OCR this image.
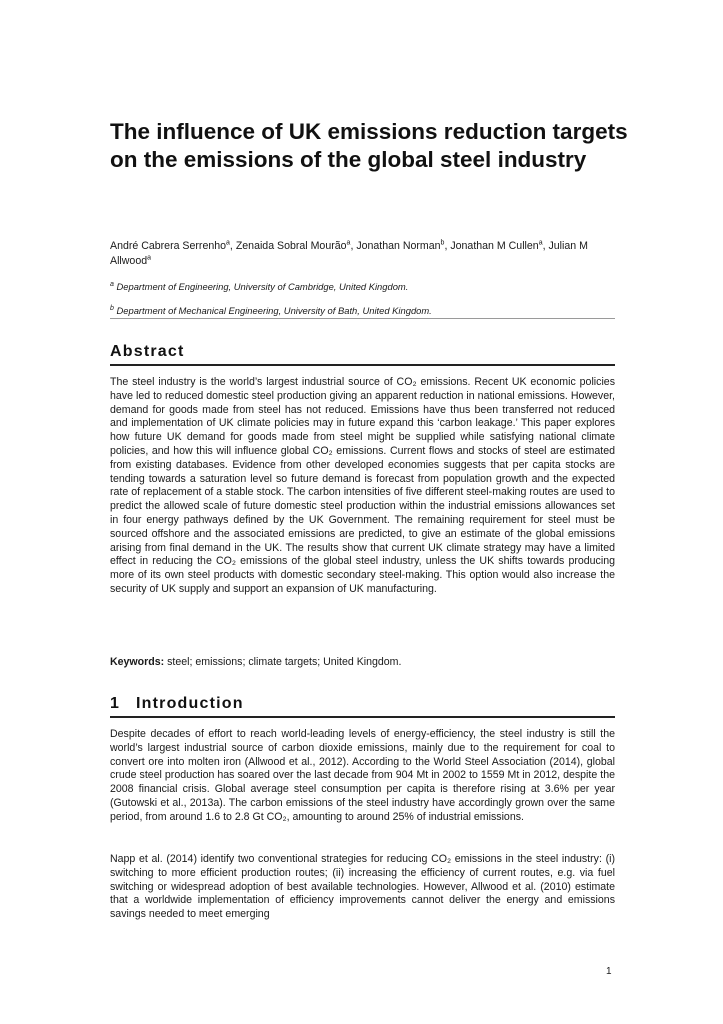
The influence of UK emissions reduction targets on the emissions of the global steel industry

André Cabrera Serrenho$^a$, Zenaida Sobral Mourão$^a$, Jonathan Norman$^b$, Jonathan M Cullen$^a$, Julian M Allwood$^a$

$^a$ Department of Engineering, University of Cambridge, United Kingdom.

$^b$ Department of Mechanical Engineering, University of Bath, United Kingdom.

Abstract

The steel industry is the world’s largest industrial source of CO₂ emissions. Recent UK economic policies have led to reduced domestic steel production giving an apparent reduction in national emissions. However, demand for goods made from steel has not reduced. Emissions have thus been transferred not reduced and implementation of UK climate policies may in future expand this ‘carbon leakage.’ This paper explores how future UK demand for goods made from steel might be supplied while satisfying national climate policies, and how this will influence global CO₂ emissions. Current flows and stocks of steel are estimated from existing databases. Evidence from other developed economies suggests that per capita stocks are tending towards a saturation level so future demand is forecast from population growth and the expected rate of replacement of a stable stock. The carbon intensities of five different steel-making routes are used to predict the allowed scale of future domestic steel production within the industrial emissions allowances set in four energy pathways defined by the UK Government. The remaining requirement for steel must be sourced offshore and the associated emissions are predicted, to give an estimate of the global emissions arising from final demand in the UK. The results show that current UK climate strategy may have a limited effect in reducing the CO₂ emissions of the global steel industry, unless the UK shifts towards producing more of its own steel products with domestic secondary steel-making. This option would also increase the security of UK supply and support an expansion of UK manufacturing.

Keywords: steel; emissions; climate targets; United Kingdom.

1 Introduction

Despite decades of effort to reach world-leading levels of energy-efficiency, the steel industry is still the world’s largest industrial source of carbon dioxide emissions, mainly due to the requirement for coal to convert ore into molten iron (Allwood et al., 2012). According to the World Steel Association (2014), global crude steel production has soared over the last decade from 904 Mt in 2002 to 1559 Mt in 2012, despite the 2008 financial crisis. Global average steel consumption per capita is therefore rising at 3.6% per year (Gutowski et al., 2013a). The carbon emissions of the steel industry have accordingly grown over the same period, from around 1.6 to 2.8 Gt CO₂, amounting to around 25% of industrial emissions.

Napp et al. (2014) identify two conventional strategies for reducing CO₂ emissions in the steel industry: (i) switching to more efficient production routes; (ii) increasing the efficiency of current routes, e.g. via fuel switching or widespread adoption of best available technologies. However, Allwood et al. (2010) estimate that a worldwide implementation of efficiency improvements cannot deliver the energy and emissions savings needed to meet emerging

1
